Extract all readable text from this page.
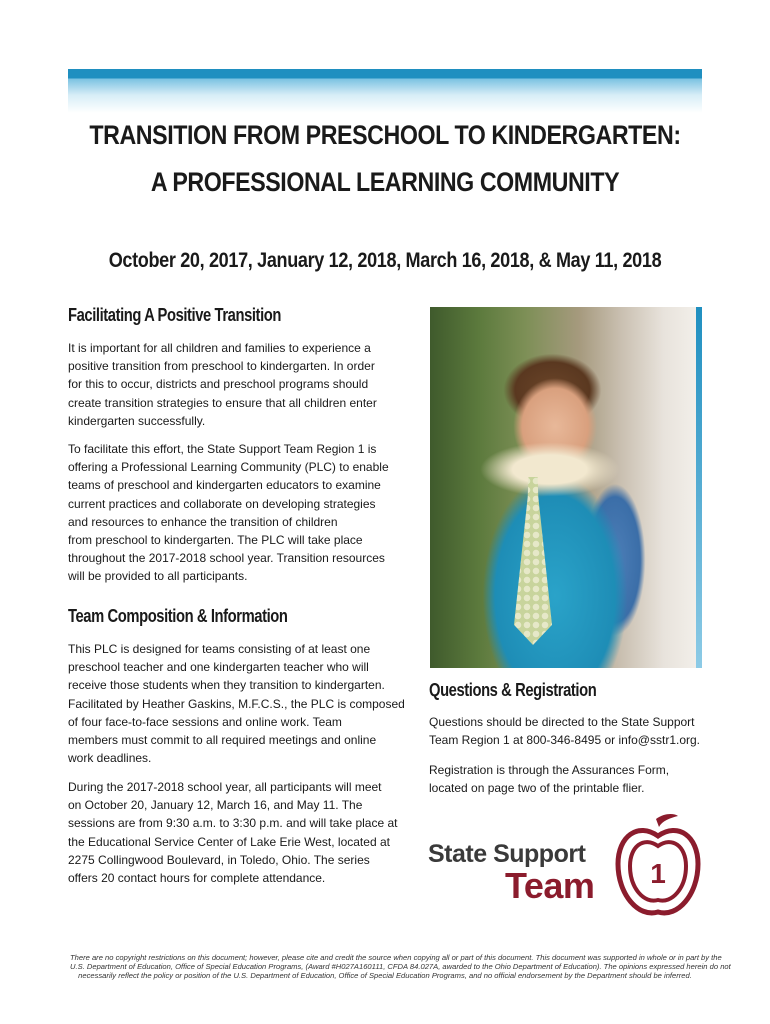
TRANSITION FROM PRESCHOOL TO KINDERGARTEN:
A PROFESSIONAL LEARNING COMMUNITY
October 20, 2017, January 12, 2018, March 16, 2018, & May 11, 2018
Facilitating A Positive Transition
It is important for all children and families to experience a
positive transition from preschool to kindergarten. In order
for this to occur, districts and preschool programs should
create transition strategies to ensure that all children enter
kindergarten successfully.
To facilitate this effort, the State Support Team Region 1 is
offering a Professional Learning Community (PLC) to enable
teams of preschool and kindergarten educators to examine
current practices and collaborate on developing strategies
and resources to enhance the transition of children
from preschool to kindergarten. The PLC will take place
throughout the 2017-2018 school year. Transition resources
will be provided to all participants.
Team Composition & Information
This PLC is designed for teams consisting of at least one
preschool teacher and one kindergarten teacher who will
receive those students when they transition to kindergarten.
Facilitated by Heather Gaskins, M.F.C.S., the PLC is composed
of four face-to-face sessions and online work. Team
members must commit to all required meetings and online
work deadlines.
During the 2017-2018 school year, all participants will meet
on October 20, January 12, March 16, and May 11. The
sessions are from 9:30 a.m. to 3:30 p.m. and will take place at
the Educational Service Center of Lake Erie West, located at
2275 Collingwood Boulevard, in Toledo, Ohio. The series
offers 20 contact hours for complete attendance.
Questions & Registration
Questions should be directed to the State Support
Team Region 1 at 800-346-8495 or info@sstr1.org.
Registration is through the Assurances Form,
located on page two of the printable flier.
State Support
Team 1
There are no copyright restrictions on this document; however, please cite and credit the source when copying all or part of this document. This document was supported in whole or in part by the
U.S. Department of Education, Office of Special Education Programs, (Award #H027A160111, CFDA 84.027A, awarded to the Ohio Department of Education). The opinions expressed herein do not
necessarily reflect the policy or position of the U.S. Department of Education, Office of Special Education Programs, and no official endorsement by the Department should be inferred.
